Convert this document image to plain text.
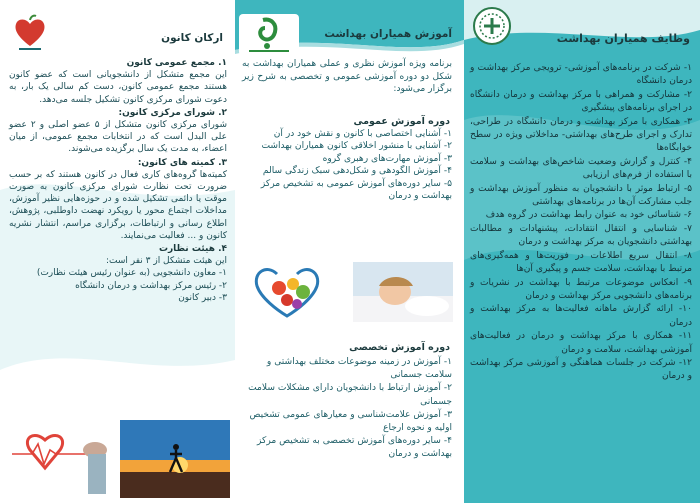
ارکان کانون

۱. مجمع عمومی کانون

این مجمع متشکل از دانشجویانی است که عضو کانون هستند مجمع عمومی کانون، دست کم سالی یک بار، به دعوت شورای مرکزی کانون تشکیل جلسه می‌دهد.

۲. شورای مرکزی کانون:

شورای مرکزی کانون متشکل از ۵ عضو اصلی و ۲ عضو علی البدل است که در انتخابات مجمع عمومی، از میان اعضاء، به مدت یک سال برگزیده می‌شوند.

۳. کمیته های کانون:

کمیته‌ها گروه‌های کاری فعال در کانون هستند که بر حسب ضرورت تحت نظارت شورای مرکزی کانون به صورت موقت یا دائمی تشکیل شده و در حوزه‌هایی نظیر آموزش، مداخلات اجتماع محور یا رویکرد نهضت داوطلبی، پژوهش، اطلاع رسانی و ارتباطات، برگزاری مراسم، انتشار نشریه کانون و ... فعالیت می‌نمایند.

۴. هیئت نظارت

این هیئت متشکل از ۳ نفر است:

۱- معاون دانشجویی (به عنوان رئیس هیئت نظارت)

۲- رئیس مرکز بهداشت و درمان دانشگاه

۳- دبیر کانون

آموزش همیاران بهداشت
برنامه ویژه آموزش نظری و عملی همیاران بهداشت به شکل دو دوره آموزشی عمومی و تخصصی به شرح زیر برگزار می‌شود:
دوره آموزش عمومی

۱- آشنایی اختصاصی با کانون و نقش خود در آن

۲- آشنایی با منشور اخلاقی کانون همیاران بهداشت

۳- آموزش مهارت‌های رهبری گروه

۴- آموزش الگودهی و شکل‌دهی سبک زندگی سالم

۵- سایر دوره‌های آموزش عمومی به تشخیص مرکز بهداشت و درمان

دوره آموزش تخصصی

۱- آموزش در زمینه موضوعات مختلف بهداشتی و سلامت جسمانی

۲- آموزش ارتباط با دانشجویان دارای مشکلات سلامت جسمانی

۳- آموزش علامت‌شناسی و معیارهای عمومی تشخیص اولیه و نحوه ارجاع

۴- سایر دوره‌های آموزش تخصصی به تشخیص مرکز بهداشت و درمان

وظایف همیاران بهداشت

۱- شرکت در برنامه‌های آموزشی- ترویجی مرکز بهداشت و درمان دانشگاه

۲- مشارکت و همراهی با مرکز بهداشت و درمان دانشگاه در اجرای برنامه‌های پیشگیری

۳- همکاری با مرکز بهداشت و درمان دانشگاه در طراحی، تدارک و اجرای طرح‌های بهداشتی- مداخلاتی ویژه در سطح خوابگاه‌ها

۴- کنترل و گزارش وضعیت شاخص‌های بهداشت و سلامت با استفاده از فرم‌های ارزیابی

۵- ارتباط موثر با دانشجویان به منظور آموزش بهداشت و جلب مشارکت آن‌ها در برنامه‌های بهداشتی

۶- شناسائی خود به عنوان رابط بهداشت در گروه هدف

۷- شناسایی و انتقال انتقادات، پیشنهادات و مطالبات بهداشتی دانشجویان به مرکز بهداشت و درمان

۸- انتقال سریع اطلاعات در فوریت‌ها و همه‌گیری‌های مرتبط با بهداشت، سلامت جسم و پیگیری آن‌ها

۹- انعکاس موضوعات مرتبط با بهداشت در نشریات و برنامه‌های دانشجویی مرکز بهداشت و درمان

۱۰- ارائه گزارش ماهانه فعالیت‌ها به مرکز بهداشت و درمان

۱۱- همکاری با مرکز بهداشت و درمان در فعالیت‌های آموزشی بهداشت، سلامت و درمان

۱۲- شرکت در جلسات هماهنگی و آموزشی مرکز بهداشت و درمان
